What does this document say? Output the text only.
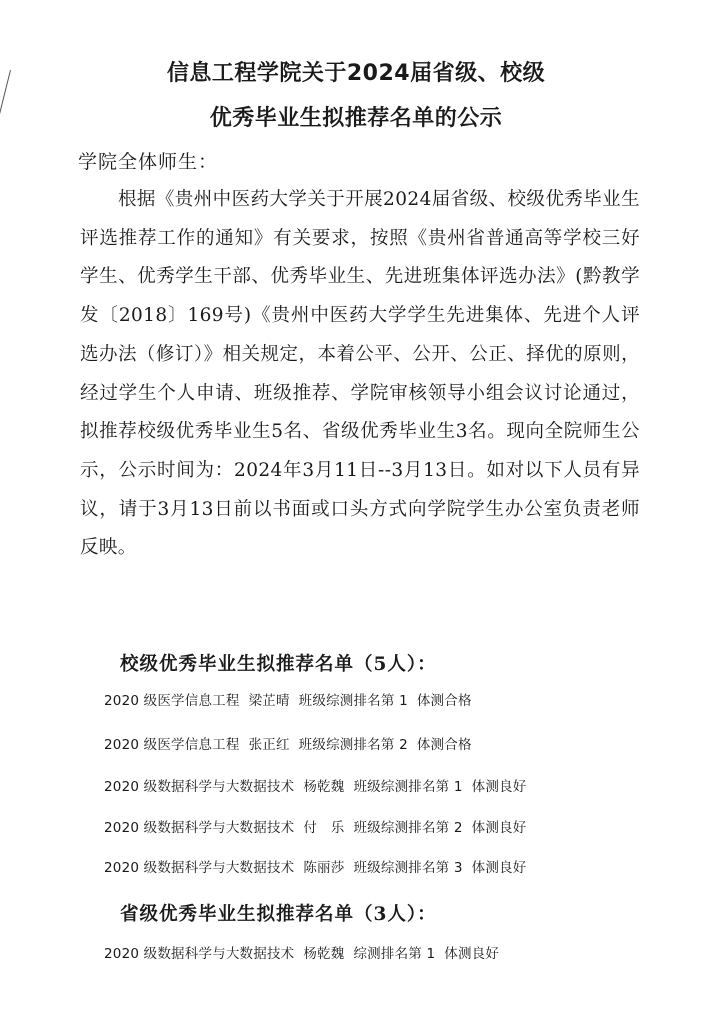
信息工程学院关于2024届省级、校级
优秀毕业生拟推荐名单的公示
学院全体师生：

根据《贵州中医药大学关于开展2024届省级、校级优秀毕业生评选推荐工作的通知》有关要求，按照《贵州省普通高等学校三好学生、优秀学生干部、优秀毕业生、先进班集体评选办法》(黔教学发〔2018〕169号)《贵州中医药大学学生先进集体、先进个人评选办法（修订）》相关规定，本着公平、公开、公正、择优的原则，经过学生个人申请、班级推荐、学院审核领导小组会议讨论通过，拟推荐校级优秀毕业生5名、省级优秀毕业生3名。现向全院师生公示，公示时间为：2024年3月11日--3月13日。如对以下人员有异议，请于3月13日前以书面或口头方式向学院学生办公室负责老师反映。

校级优秀毕业生拟推荐名单（5人）：
2020 级医学信息工程 梁芷晴 班级综测排名第 1 体测合格
2020 级医学信息工程 张正红 班级综测排名第 2 体测合格
2020 级数据科学与大数据技术 杨乾魏 班级综测排名第 1 体测良好
2020 级数据科学与大数据技术 付　乐 班级综测排名第 2 体测良好
2020 级数据科学与大数据技术 陈丽莎 班级综测排名第 3 体测良好
省级优秀毕业生拟推荐名单（3人）：
2020 级数据科学与大数据技术 杨乾魏 综测排名第 1 体测良好
